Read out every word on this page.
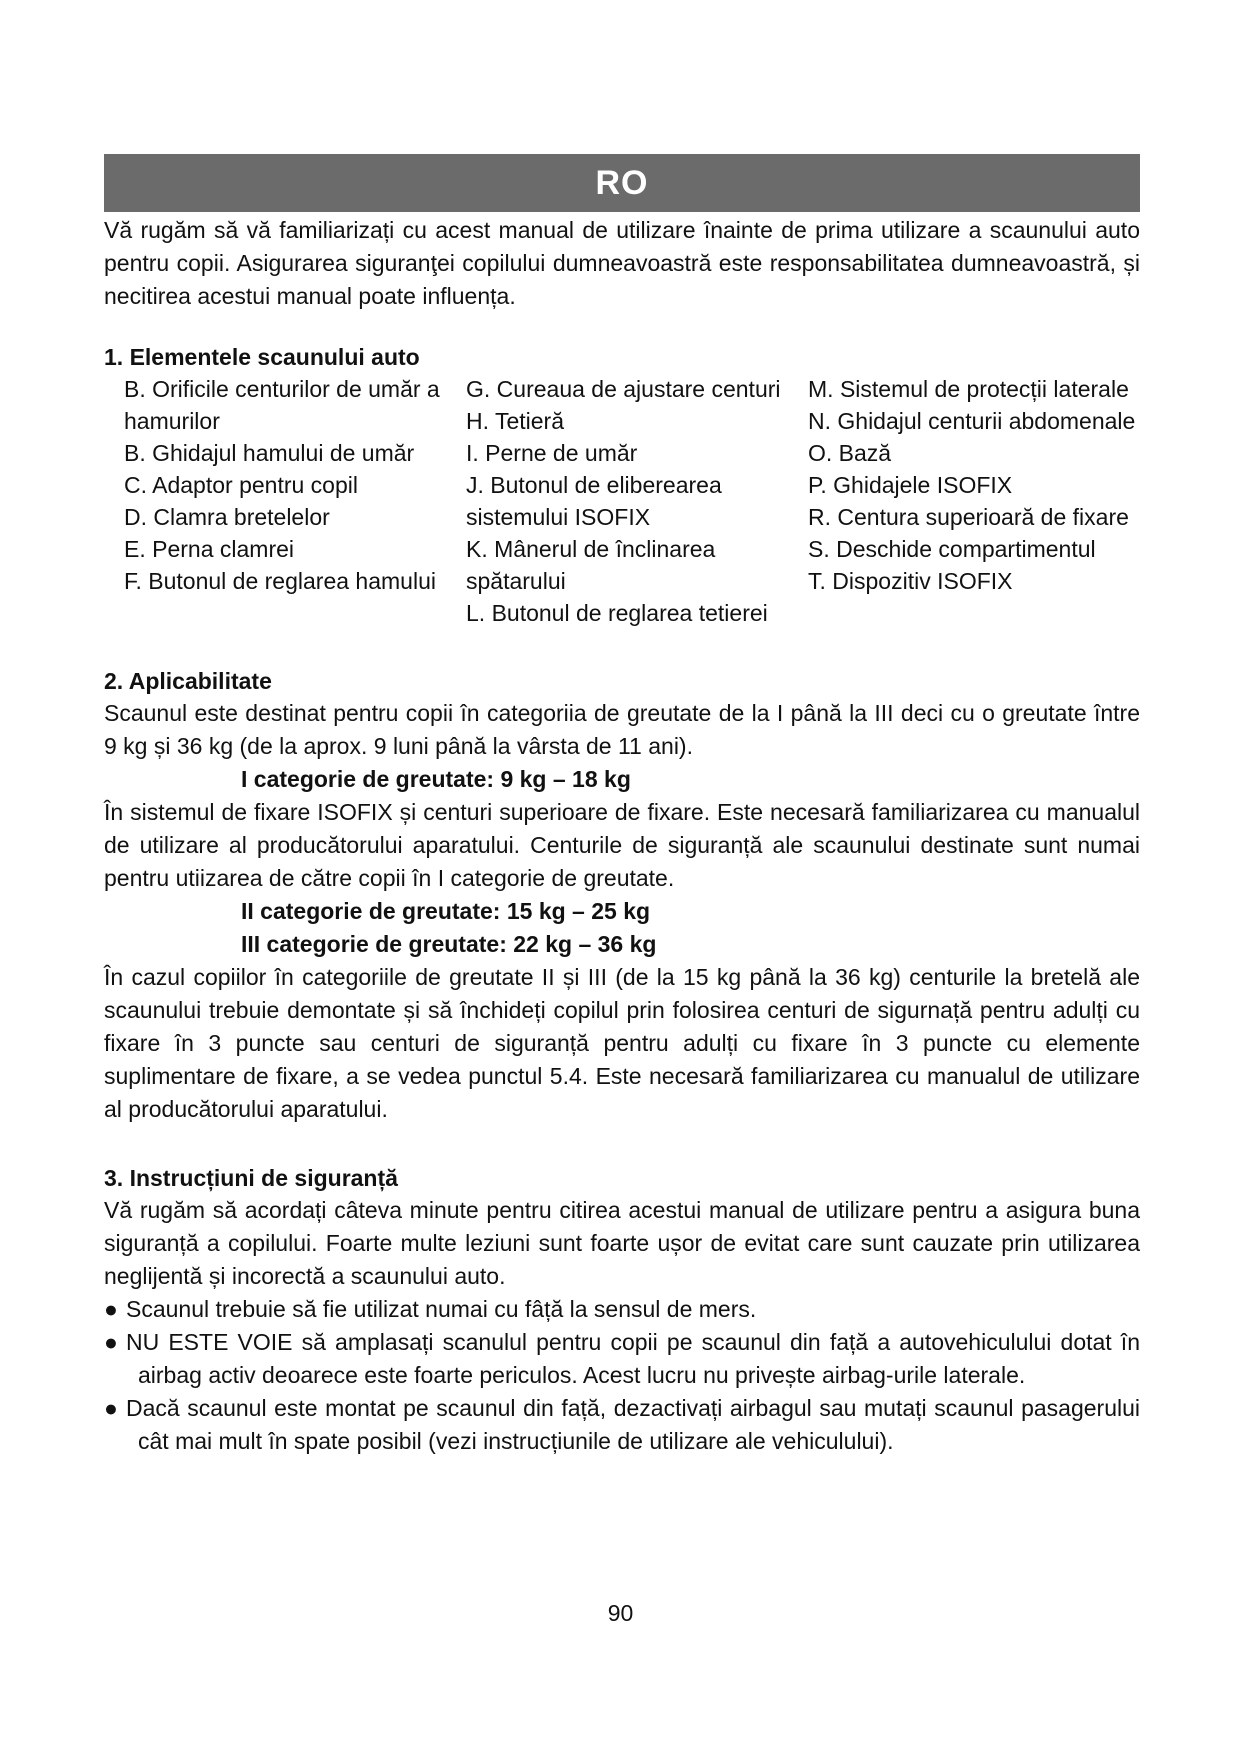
RO

Vă rugăm să vă familiarizați cu acest manual de utilizare înainte de prima utilizare a scaunului auto pentru copii. Asigurarea siguranţei copilului dumneavoastră este responsabilitatea dumneavoastră, și necitirea acestui manual poate influența.

1. Elementele scaunului auto

B. Orificile centurilor de umăr a hamurilor
B. Ghidajul hamului de umăr
C. Adaptor pentru copil
D. Clamra bretelelor
E. Perna clamrei
F. Butonul de reglarea hamului
G. Cureaua de ajustare centuri
H. Tetieră
I. Perne de umăr
J. Butonul de eliberearea sistemului ISOFIX
K. Mânerul de înclinarea spătarului
L. Butonul de reglarea tetierei
M. Sistemul de protecții laterale
N. Ghidajul centurii abdomenale
O. Bază
P. Ghidajele ISOFIX
R. Centura superioară de fixare
S. Deschide compartimentul
T. Dispozitiv ISOFIX

2. Aplicabilitate

Scaunul este destinat pentru copii în categoriia de greutate de la I până la III deci cu o greutate între 9 kg și 36 kg (de la aprox. 9 luni până la vârsta de 11 ani).

I categorie de greutate: 9 kg – 18 kg

În sistemul de fixare ISOFIX și centuri superioare de fixare. Este necesară familiarizarea cu manualul de utilizare al producătorului aparatului. Centurile de siguranță ale scaunului destinate sunt numai pentru utiizarea de către copii în I categorie de greutate.

II categorie de greutate: 15 kg – 25 kg

III categorie de greutate: 22 kg – 36 kg

În cazul copiilor în categoriile de greutate II și III (de la 15 kg până la 36 kg) centurile la bretelă ale scaunului trebuie demontate și să închideți copilul prin folosirea centuri de sigurnață pentru adulți cu fixare în 3 puncte sau centuri de siguranță pentru adulți cu fixare în 3 puncte cu elemente suplimentare de fixare, a se vedea punctul 5.4. Este necesară familiarizarea cu manualul de utilizare al producătorului aparatului.

3. Instrucțiuni de siguranță

Vă rugăm să acordați câteva minute pentru citirea acestui manual de utilizare pentru a asigura buna siguranță a copilului. Foarte multe leziuni sunt foarte ușor de evitat care sunt cauzate prin utilizarea neglijentă și incorectă a scaunului auto.

● Scaunul trebuie să fie utilizat numai cu fâță la sensul de mers.
● NU ESTE VOIE să amplasați scanulul pentru copii pe scaunul din față a autovehiculului dotat în airbag activ deoarece este foarte periculos. Acest lucru nu privește airbag-urile laterale.
● Dacă scaunul este montat pe scaunul din față, dezactivați airbagul sau mutați scaunul pasagerului cât mai mult în spate posibil (vezi instrucțiunile de utilizare ale vehiculului).
90
